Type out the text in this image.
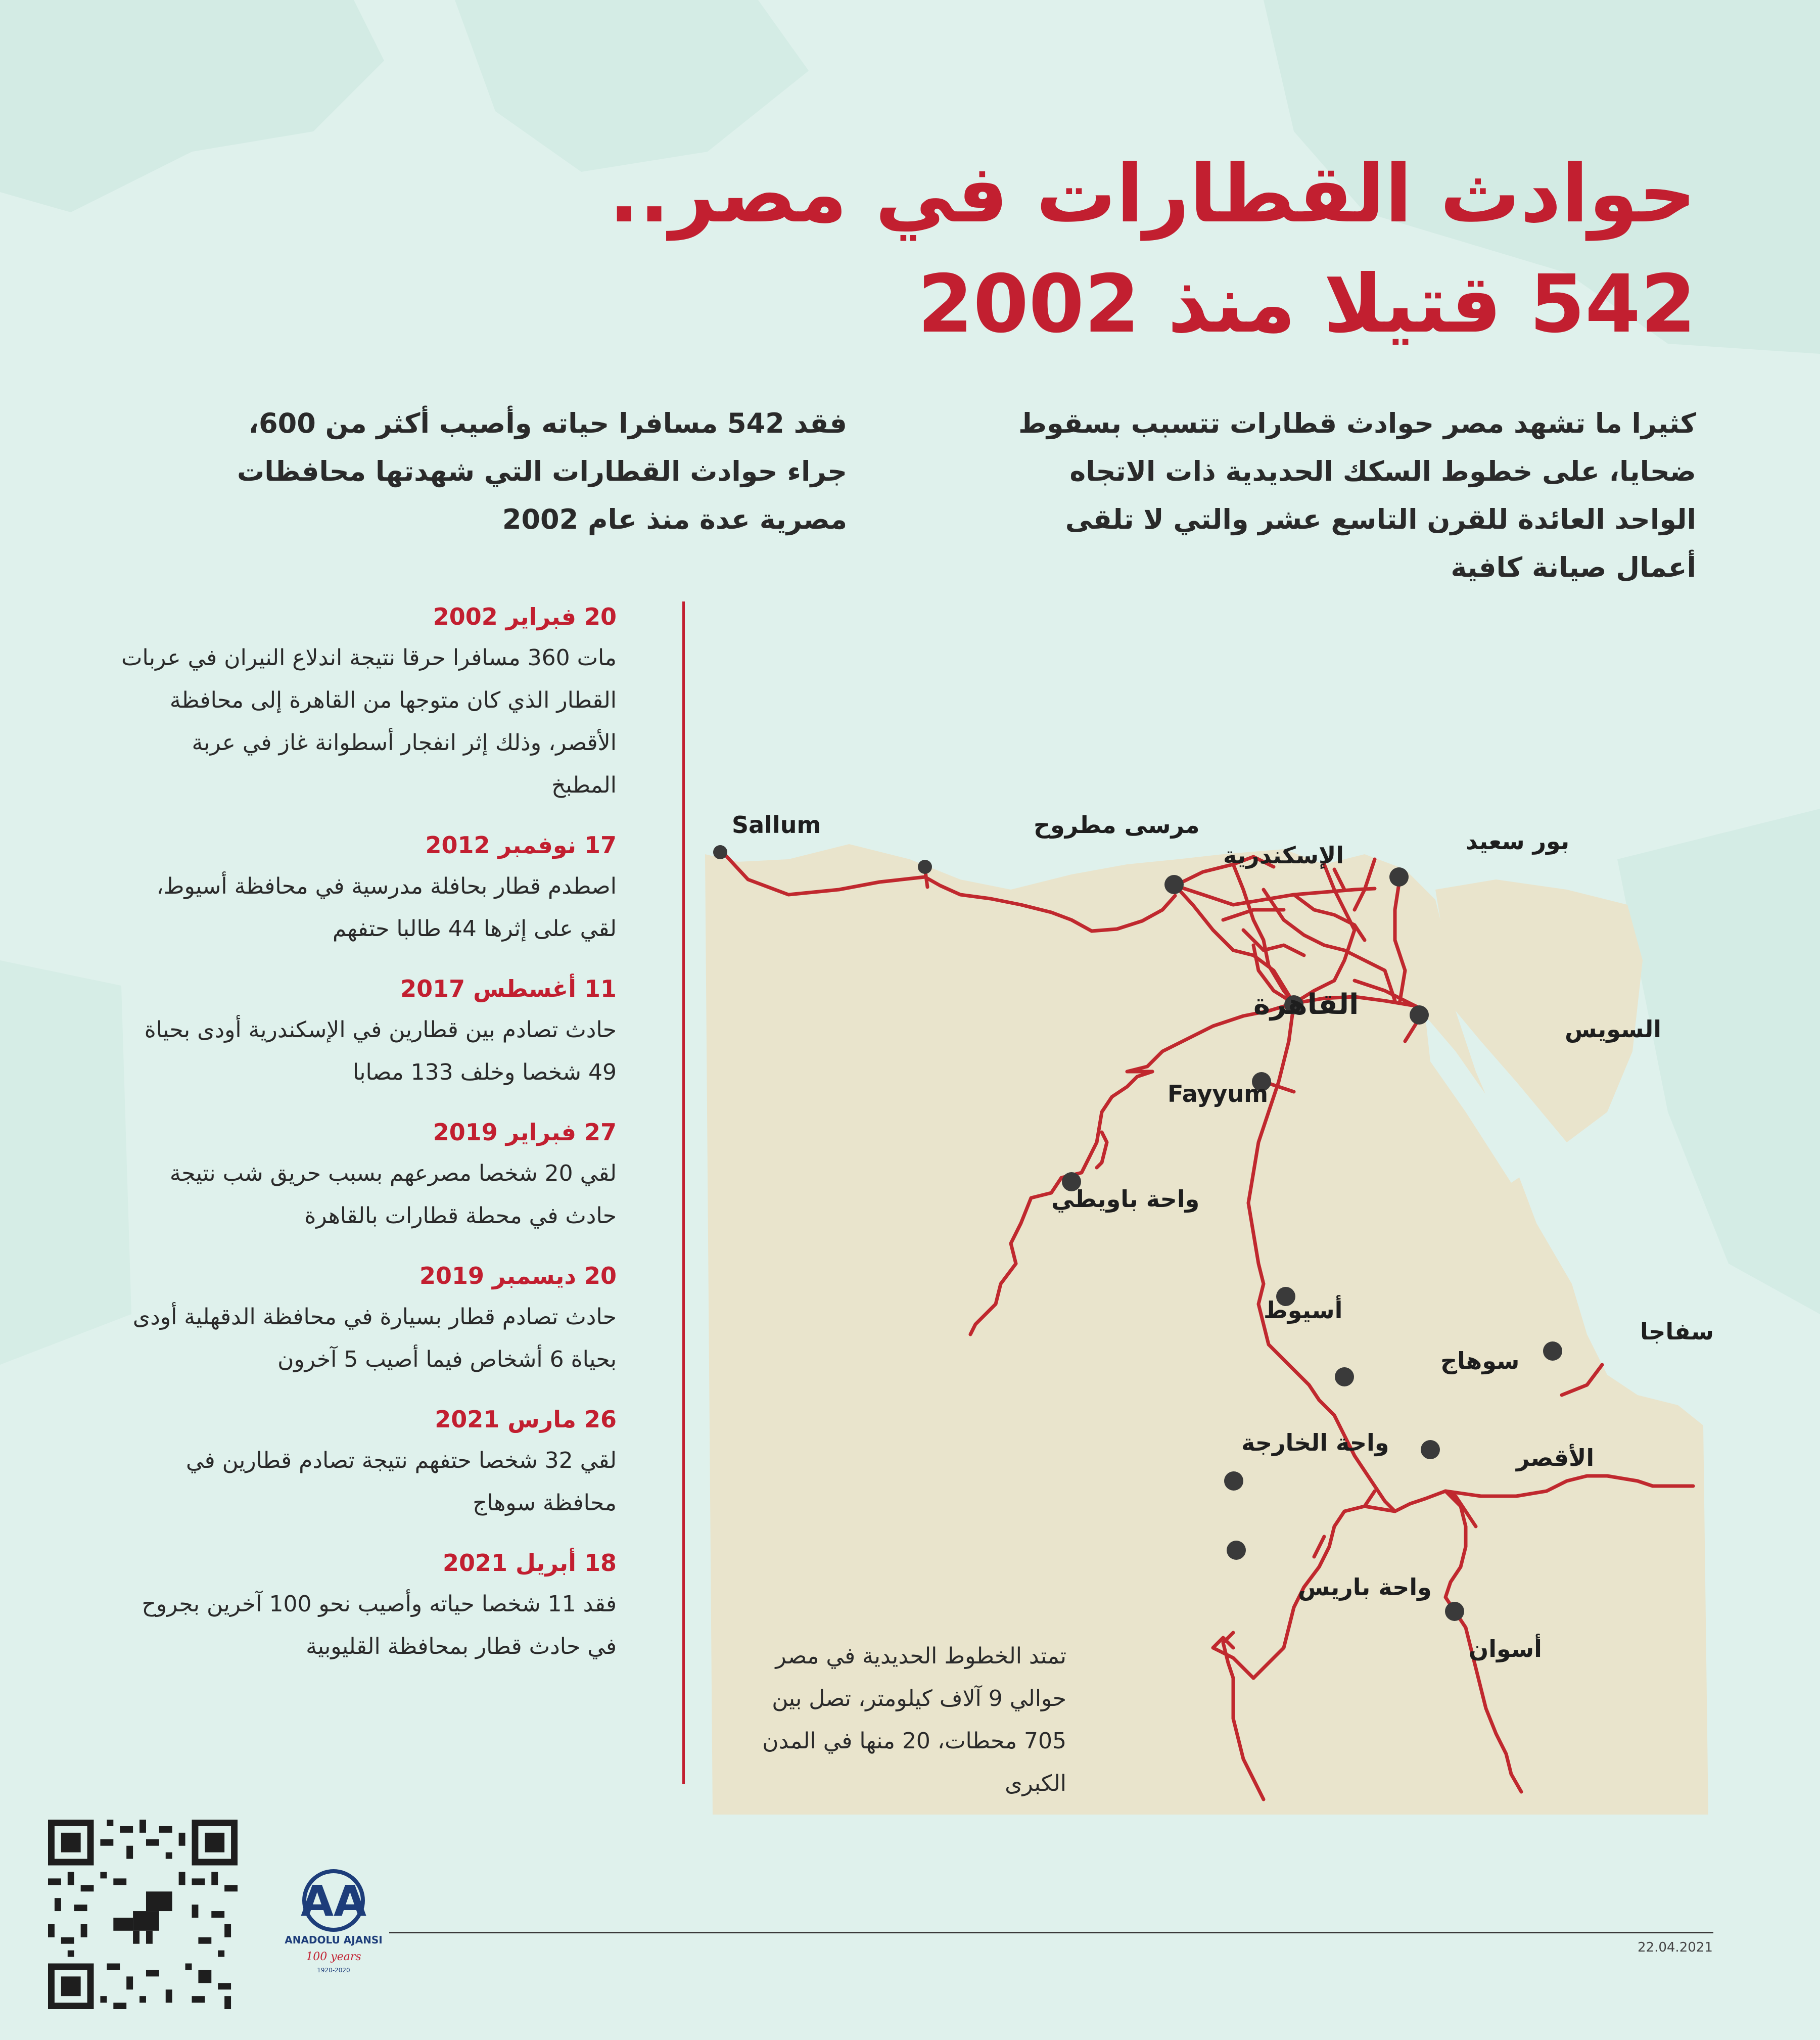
حوادث القطارات في مصر..
542 قتيلا منذ 2002
كثيرا ما تشهد مصر حوادث قطارات تتسبب بسقوط ضحايا، على خطوط السكك الحديدية ذات الاتجاه الواحد العائدة للقرن التاسع عشر والتي لا تلقى أعمال صيانة كافية
فقد 542 مسافرا حياته وأصيب أكثر من 600، جراء حوادث القطارات التي شهدتها محافظات مصرية عدة منذ عام 2002
20 فبراير 2002
مات 360 مسافرا حرقا نتيجة اندلاع النيران في عربات القطار الذي كان متوجها من القاهرة إلى محافظة الأقصر، وذلك إثر انفجار أسطوانة غاز في عربة المطبخ
17 نوفمبر 2012
اصطدم قطار بحافلة مدرسية في محافظة أسيوط، لقي على إثرها 44 طالبا حتفهم
11 أغسطس 2017
حادث تصادم بين قطارين في الإسكندرية أودى بحياة 49 شخصا وخلف 133 مصابا
27 فبراير 2019
لقي 20 شخصا مصرعهم بسبب حريق شب نتيجة حادث في محطة قطارات بالقاهرة
20 ديسمبر 2019
حادث تصادم قطار بسيارة في محافظة الدقهلية أودى بحياة 6 أشخاص فيما أصيب 5 آخرون
26 مارس 2021
لقي 32 شخصا حتفهم نتيجة تصادم قطارين في محافظة سوهاج
18 أبريل 2021
فقد 11 شخصا حياته وأصيب نحو 100 آخرين بجروح في حادث قطار بمحافظة القليوبية
Sallum	مرسى مطروح
الإسكندرية
بور سعيد
القاهرة
السويس
Fayyum
واحة باويطي
أسيوط
سوهاج
سفاجا
واحة الخارجة
الأقصر
واحة باريس
أسوان
تمتد الخطوط الحديدية في مصر حوالي 9 آلاف كيلومتر، تصل بين 705 محطات، 20 منها في المدن الكبرى
AA
ANADOLU AJANSI
100 years
1920-2020
22.04.2021
